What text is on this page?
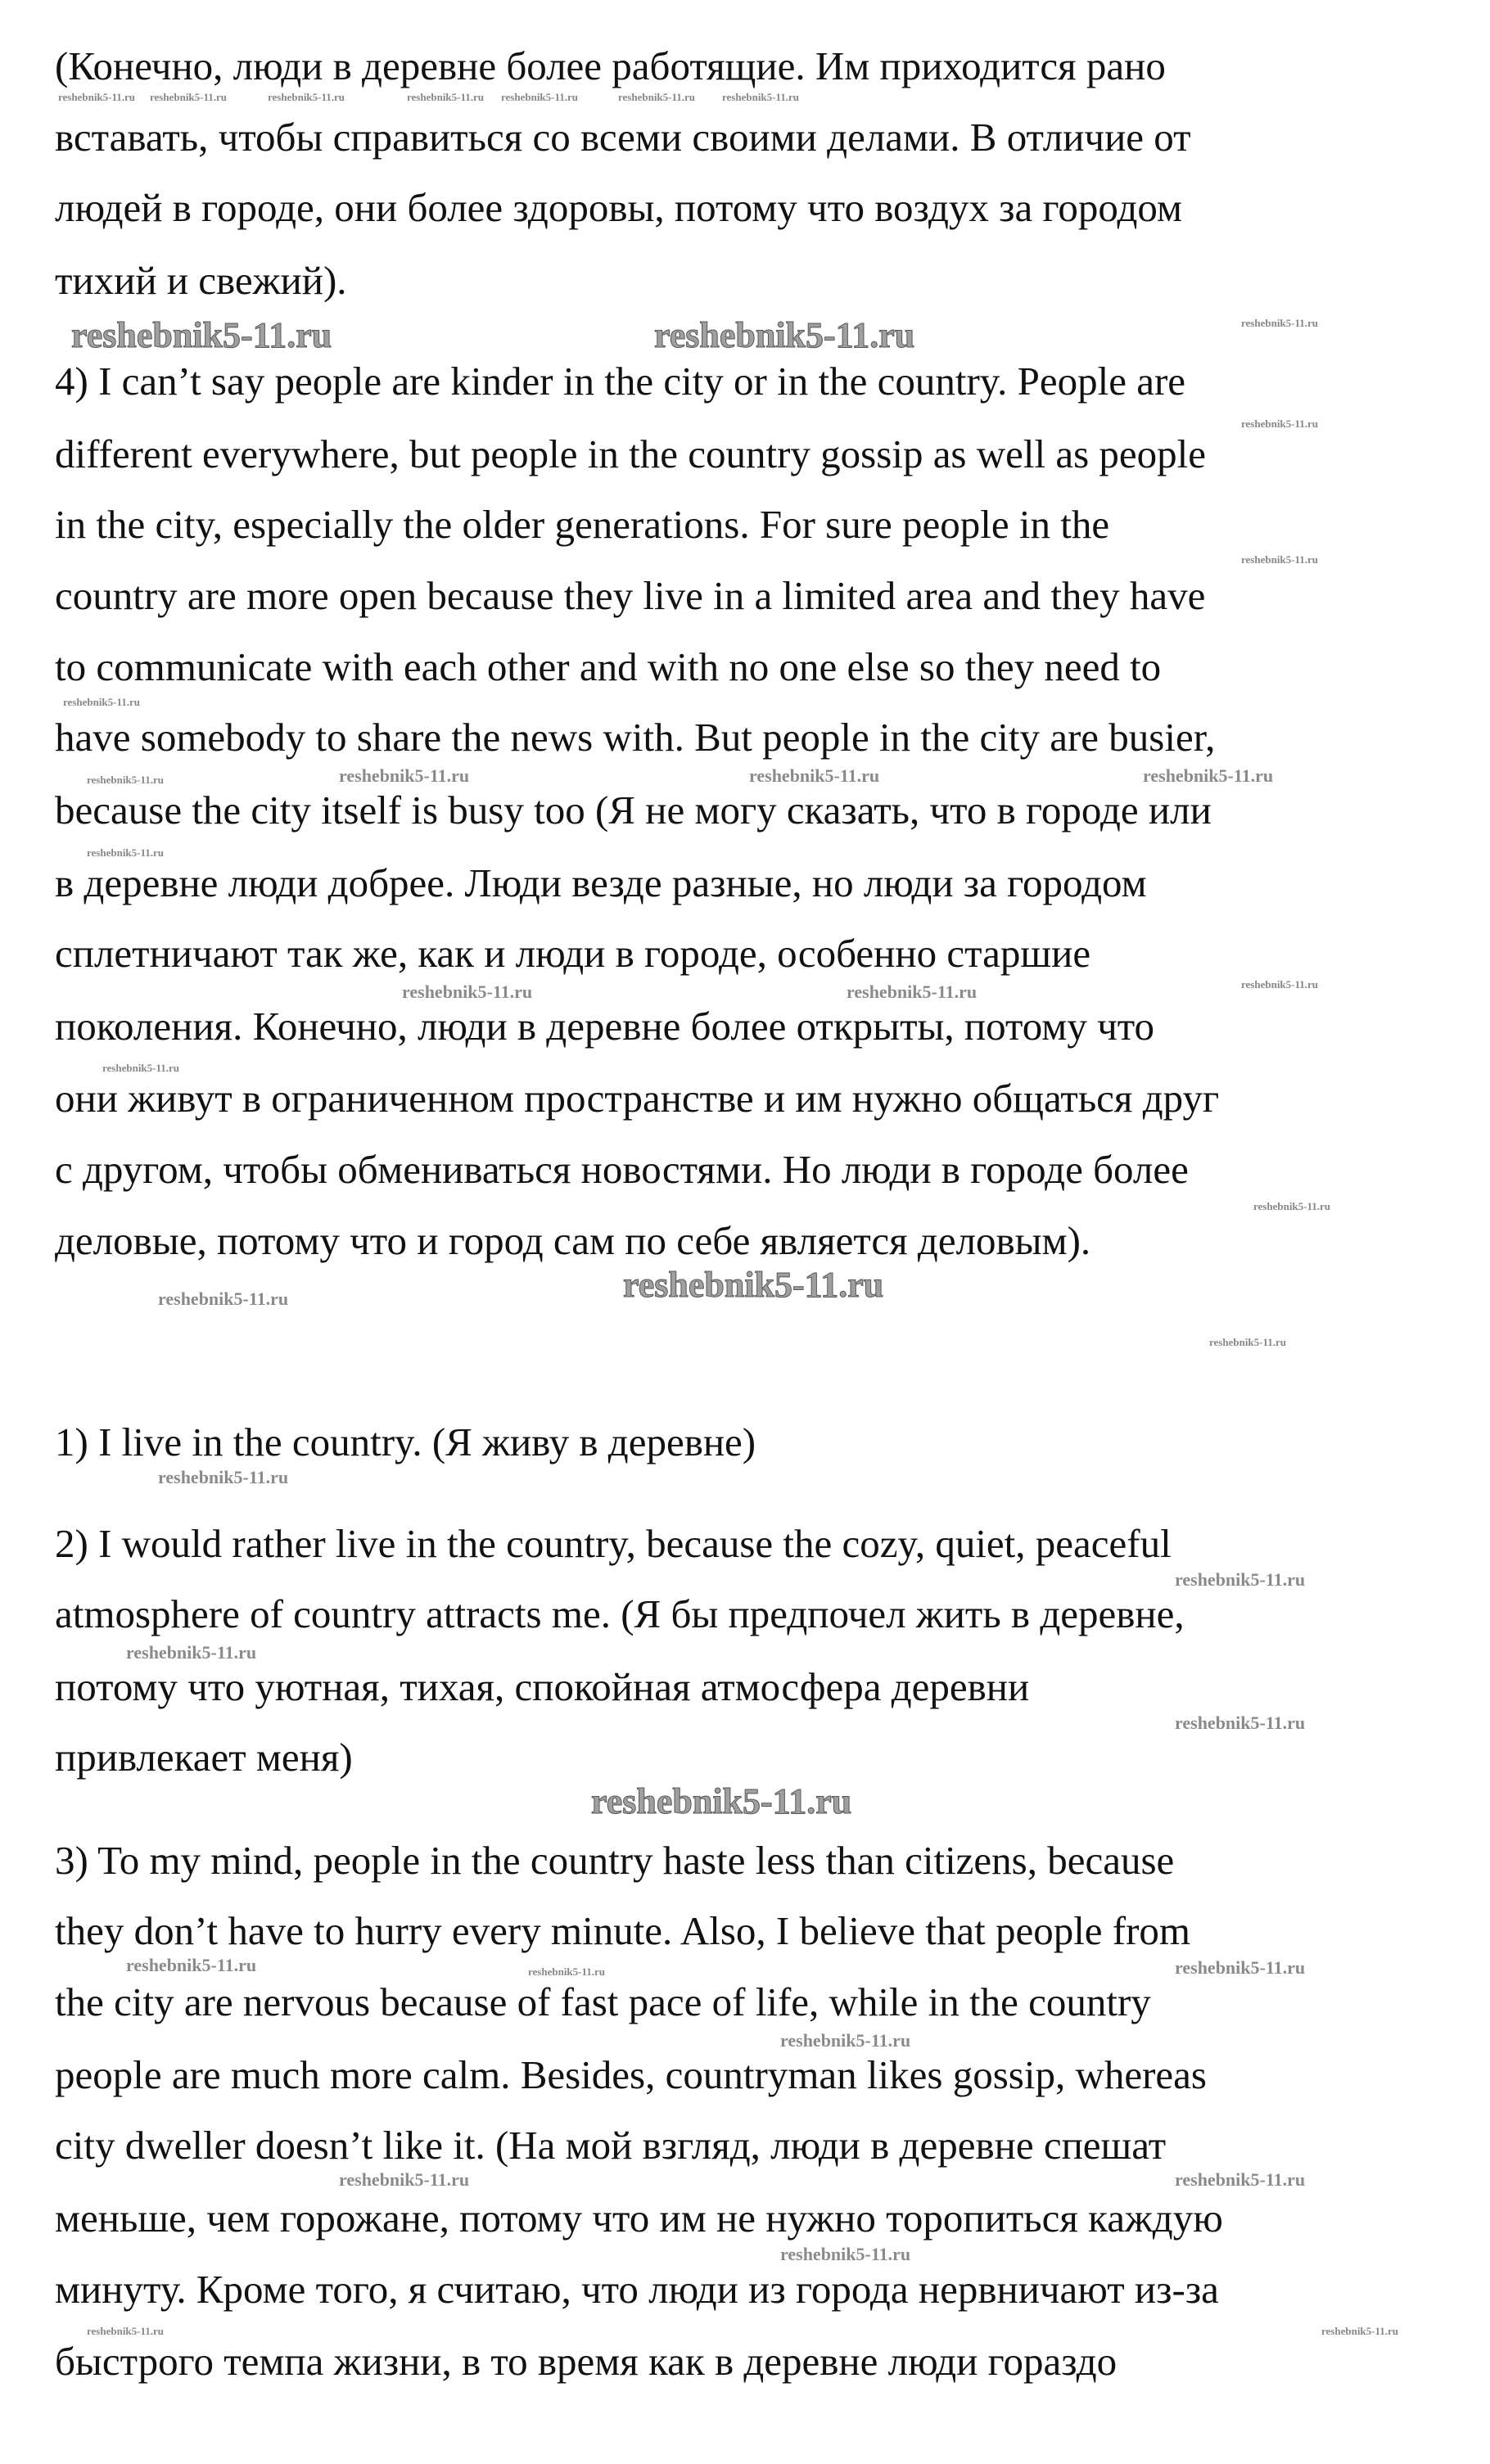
(Конечно, люди в деревне более работящие. Им приходится рано
вставать, чтобы справиться со всеми своими делами. В отличие от
людей в городе, они более здоровы, потому что воздух за городом
тихий и свежий).
4) I can’t say people are kinder in the city or in the country. People are
different everywhere, but people in the country gossip as well as people
in the city, especially the older generations. For sure people in the
country are more open because they live in a limited area and they have
to communicate with each other and with no one else so they need to
have somebody to share the news with. But people in the city are busier,
because the city itself is busy too (Я не могу сказать, что в городе или
в деревне люди добрее. Люди везде разные, но люди за городом
сплетничают так же, как и люди в городе, особенно старшие
поколения. Конечно, люди в деревне более открыты, потому что
они живут в ограниченном пространстве и им нужно общаться друг
с другом, чтобы обмениваться новостями. Но люди в городе более
деловые, потому что и город сам по себе является деловым).
1) I live in the country. (Я живу в деревне)
2) I would rather live in the country, because the cozy, quiet, peaceful
atmosphere of country attracts me. (Я бы предпочел жить в деревне,
потому что уютная, тихая, спокойная атмосфера деревни
привлекает меня)
3) To my mind, people in the country haste less than citizens, because
they don’t have to hurry every minute. Also, I believe that people from
the city are nervous because of fast pace of life, while in the country
people are much more calm. Besides, countryman likes gossip, whereas
city dweller doesn’t like it. (На мой взгляд, люди в деревне спешат
меньше, чем горожане, потому что им не нужно торопиться каждую
минуту. Кроме того, я считаю, что люди из города нервничают из-за
быстрого темпа жизни, в то время как в деревне люди гораздо
reshebnik5-11.ru reshebnik5-11.ru	reshebnik5-11.ru	reshebnik5-11.ru reshebnik5-11.ru	reshebnik5-11.ru	reshebnik5-11.ru
reshebnik5-11.ru	reshebnik5-11.ru	reshebnik5-11.ru
reshebnik5-11.ru
reshebnik5-11.ru
reshebnik5-11.ru
reshebnik5-11.ru	reshebnik5-11.ru	reshebnik5-11.ru	reshebnik5-11.ru
reshebnik5-11.ru
reshebnik5-11.ru
reshebnik5-11.ru	reshebnik5-11.ru
reshebnik5-11.ru
reshebnik5-11.ru
reshebnik5-11.ru	reshebnik5-11.ru
reshebnik5-11.ru
reshebnik5-11.ru
reshebnik5-11.ru
reshebnik5-11.ru
reshebnik5-11.ru
reshebnik5-11.ru
reshebnik5-11.ru	reshebnik5-11.ru	reshebnik5-11.ru
reshebnik5-11.ru
reshebnik5-11.ru	reshebnik5-11.ru
reshebnik5-11.ru
reshebnik5-11.ru	reshebnik5-11.ru
